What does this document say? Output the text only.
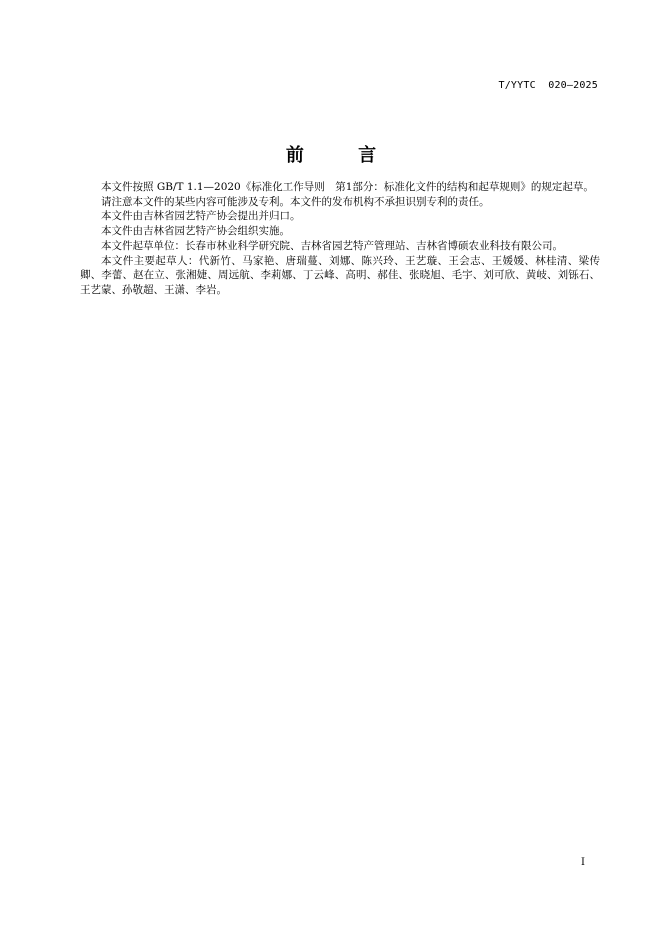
T/YYTC  020—2025
前 言

本文件按照 GB/T 1.1—2020《标准化工作导则　第1部分：标准化文件的结构和起草规则》的规定起草。

请注意本文件的某些内容可能涉及专利。本文件的发布机构不承担识别专利的责任。

本文件由吉林省园艺特产协会提出并归口。

本文件由吉林省园艺特产协会组织实施。

本文件起草单位：长春市林业科学研究院、吉林省园艺特产管理站、吉林省博硕农业科技有限公司。

本文件主要起草人：代新竹、马家艳、唐瑞蔓、刘娜、陈兴玲、王艺璇、王会志、王媛媛、林桂清、梁传卿、李蕾、赵在立、张湘婕、周远航、李莉娜、丁云峰、高明、郝佳、张晓旭、毛宇、刘可欣、黄岐、刘铄石、王艺蒙、孙敬超、王潇、李岩。

I
